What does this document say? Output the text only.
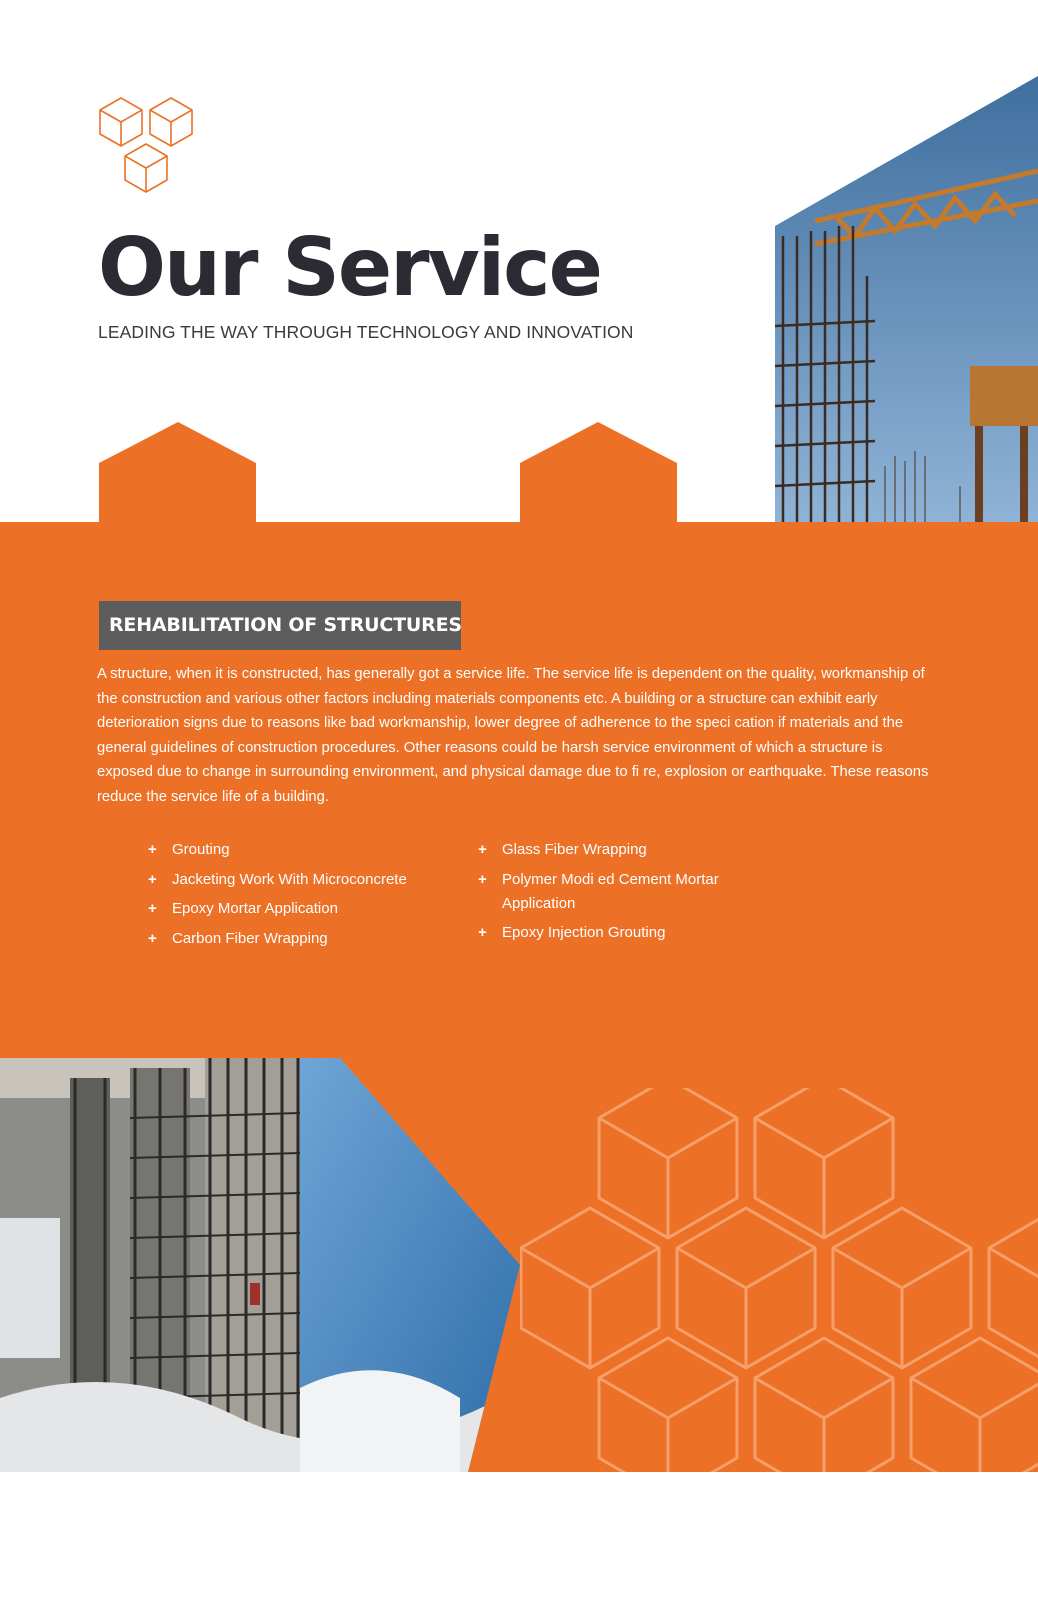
Our Service
LEADING THE WAY THROUGH TECHNOLOGY AND INNOVATION
REHABILITATION OF STRUCTURES

A structure, when it is constructed, has generally got a service life. The service life is dependent on the quality, workmanship of the construction and various other factors including materials components etc. A building or a structure can exhibit early deterioration signs due to reasons like bad workmanship, lower degree of adherence to the speci cation if materials and the general guidelines of construction procedures. Other reasons could be harsh service environment of which a structure is exposed due to change in surrounding environment, and physical damage due to fi re, explosion or earthquake. These reasons reduce the service life of a building.

+ Grouting
+ Jacketing Work With Microconcrete
+ Epoxy Mortar Application
+ Carbon Fiber Wrapping
+ Glass Fiber Wrapping
+ Polymer Modi ed Cement Mortar Application
+ Epoxy Injection Grouting
